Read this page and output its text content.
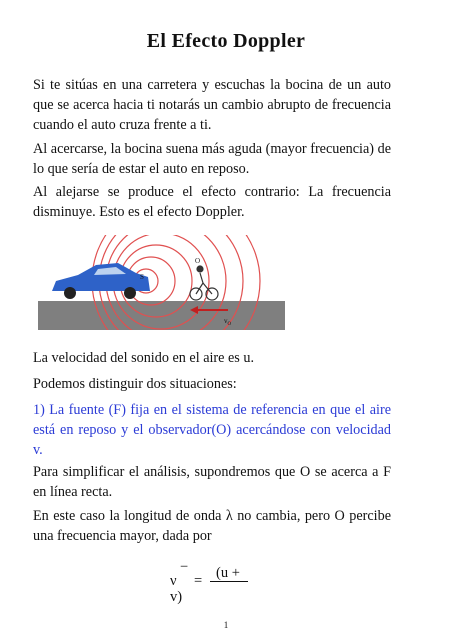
El Efecto Doppler
Si te sitúas en una carretera y escuchas la bocina de un auto que se acerca hacia ti notarás un cambio abrupto de frecuencia cuando el auto cruza frente a ti.
Al acercarse, la bocina suena más aguda (mayor frecuencia) de lo que sería de estar el auto en reposo.
Al alejarse se produce el efecto contrario: La frecuencia disminuye. Esto es el efecto Doppler.
S
O
$v_O$
La velocidad del sonido en el aire es u.
Podemos distinguir dos situaciones:
1) La fuente (F) fija en el sistema de referencia en que el aire está en reposo y el observador(O) acercándose con velocidad v.
Para simplificar el análisis, supondremos que O se acerca a F en línea recta.
En este caso la longitud de onda λ no cambia, pero O percibe una frecuencia mayor, dada por
−
ν = (u +
v)
1
